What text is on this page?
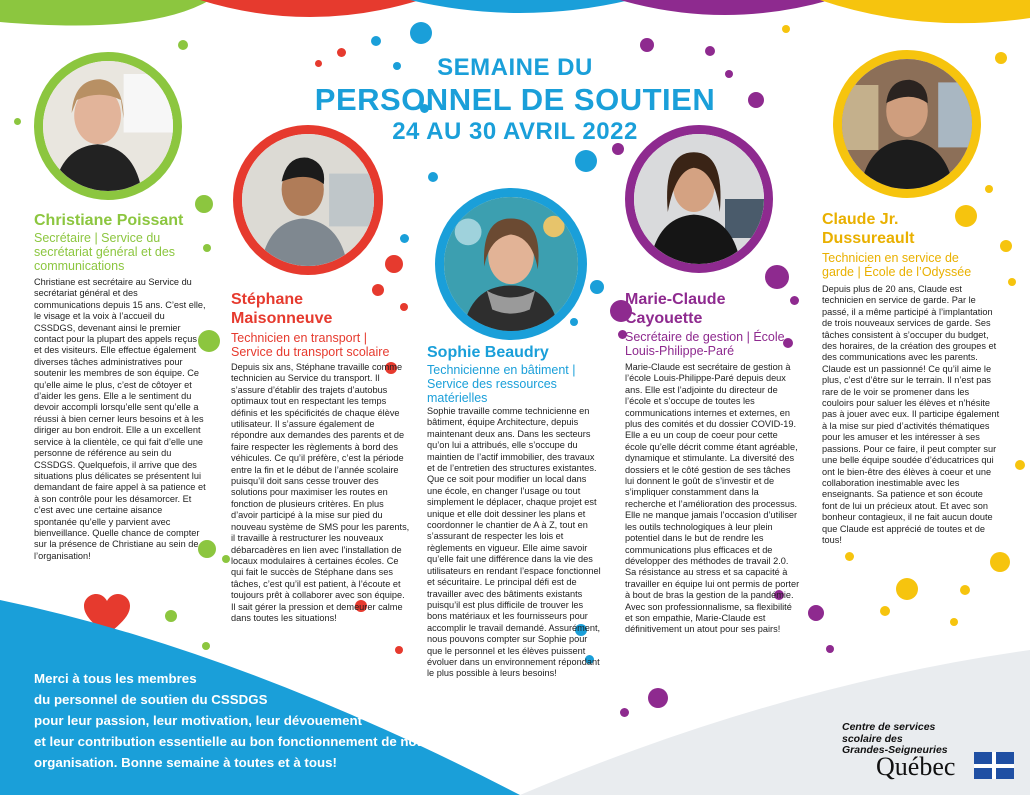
SEMAINE DU
PERSONNEL DE SOUTIEN
24 AU 30 AVRIL 2022
Christiane Poissant
Secrétaire | Service du secrétariat général et des communications
Christiane est secrétaire au Service du secrétariat général et des communications depuis 15 ans. C’est elle, le visage et la voix à l’accueil du CSSDGS, devenant ainsi le premier contact pour la plupart des appels reçus et des visiteurs. Elle effectue également diverses tâches administratives pour soutenir les membres de son équipe. Ce qu’elle aime le plus, c’est de côtoyer et d’aider les gens. Elle a le sentiment du devoir accompli lorsqu’elle sent qu’elle a réussi à bien cerner leurs besoins et à les diriger au bon endroit. Elle a un excellent service à la clientèle, ce qui fait d’elle une personne de référence au sein du CSSDGS. Quelquefois, il arrive que des situations plus délicates se présentent lui demandant de faire appel à sa patience et à son contrôle pour les désamorcer. Et c’est avec une certaine aisance spontanée qu’elle y parvient avec bienveillance. Quelle chance de compter sur la présence de Christiane au sein de l’organisation!
Stéphane Maisonneuve
Technicien en transport | Service du transport scolaire
Depuis six ans, Stéphane travaille comme technicien au Service du transport. Il s’assure d’établir des trajets d’autobus optimaux tout en respectant les temps définis et les spécificités de chaque élève utilisateur. Il s’assure également de répondre aux demandes des parents et de faire respecter les règlements à bord des véhicules. Ce qu’il préfère, c’est la période entre la fin et le début de l’année scolaire puisqu’il doit sans cesse trouver des solutions pour maximiser les routes en fonction de plusieurs critères. En plus d’avoir participé à la mise sur pied du nouveau système de SMS pour les parents, il travaille à restructurer les nouveaux débarcadères en lien avec l’installation de locaux modulaires à certaines écoles. Ce qui fait le succès de Stéphane dans ses tâches, c’est qu’il est patient, à l’écoute et toujours prêt à collaborer avec son équipe. Il sait gérer la pression et demeurer calme dans toutes les situations!
Sophie Beaudry
Technicienne en bâtiment | Service des ressources matérielles
Sophie travaille comme technicienne en bâtiment, équipe Architecture, depuis maintenant deux ans. Dans les secteurs qu’on lui a attribués, elle s’occupe du maintien de l’actif immobilier, des travaux et de l’entretien des structures existantes. Que ce soit pour modifier un local dans une école, en changer l’usage ou tout simplement le déplacer, chaque projet est unique et elle doit dessiner les plans et coordonner le chantier de A à Z, tout en s’assurant de respecter les lois et règlements en vigueur. Elle aime savoir qu’elle fait une différence dans la vie des utilisateurs en rendant l’espace fonctionnel et sécuritaire. Le principal défi est de travailler avec des bâtiments existants puisqu’il est plus difficile de trouver les bons matériaux et les fournisseurs pour accomplir le travail demandé. Assurément, nous pouvons compter sur Sophie pour que le personnel et les élèves puissent évoluer dans un environnement répondant le plus possible à leurs besoins!
Marie-Claude Cayouette
Secrétaire de gestion | École Louis-Philippe-Paré
Marie-Claude est secrétaire de gestion à l’école Louis-Philippe-Paré depuis deux ans. Elle est l’adjointe du directeur de l’école et s’occupe de toutes les communications internes et externes, en plus des comités et du dossier COVID-19. Elle a eu un coup de coeur pour cette école qu’elle décrit comme étant agréable, dynamique et stimulante. La diversité des dossiers et le côté gestion de ses tâches lui donnent le goût de s’investir et de s’impliquer constamment dans la recherche et l’amélioration des processus. Elle ne manque jamais l’occasion d’utiliser les outils technologiques à leur plein potentiel dans le but de rendre les communications plus efficaces et de développer des méthodes de travail 2.0. Sa résistance au stress et sa capacité à travailler en équipe lui ont permis de porter à bout de bras la gestion de la pandémie. Avec son professionnalisme, sa flexibilité et son empathie, Marie-Claude est définitivement un atout pour ses pairs!
Claude Jr. Dussureault
Technicien en service de garde | École de l’Odyssée
Depuis plus de 20 ans, Claude est technicien en service de garde. Par le passé, il a même participé à l’implantation de trois nouveaux services de garde. Ses tâches consistent à s’occuper du budget, des horaires, de la création des groupes et des communications avec les parents. Claude est un passionné! Ce qu’il aime le plus, c’est d’être sur le terrain. Il n’est pas rare de le voir se promener dans les couloirs pour saluer les élèves et n’hésite pas à jouer avec eux. Il participe également à la mise sur pied d’activités thématiques pour les amuser et les intéresser à ses passions. Pour ce faire, il peut compter sur une belle équipe soudée d’éducatrices qui ont le bien-être des élèves à coeur et une collaboration inestimable avec les enseignants. Sa patience et son écoute font de lui un précieux atout. Et avec son bonheur contagieux, il ne fait aucun doute que Claude est apprécié de toutes et de tous!
Merci à tous les membres
du personnel de soutien du CSSDGS
pour leur passion, leur motivation, leur dévouement
et leur contribution essentielle au bon fonctionnement de notre
organisation. Bonne semaine à toutes et à tous!
Centre de services
scolaire des
Grandes-Seigneuries
Québec
